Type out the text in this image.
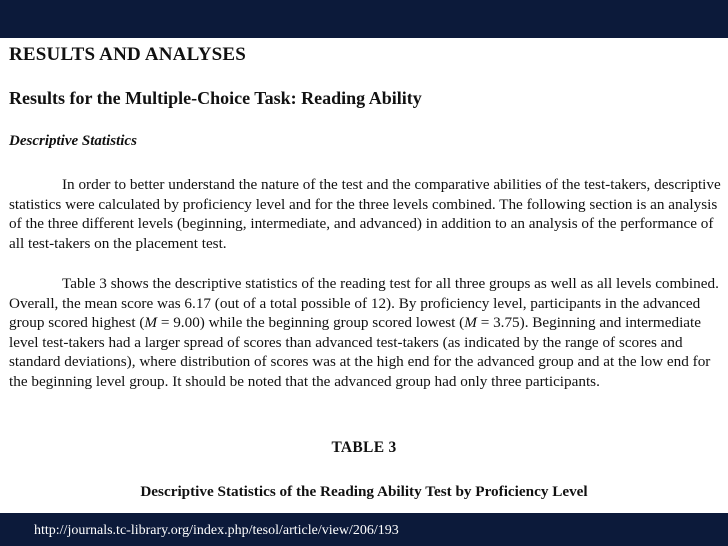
RESULTS AND ANALYSES
Results for the Multiple-Choice Task: Reading Ability
Descriptive Statistics

In order to better understand the nature of the test and the comparative abilities of the test-takers, descriptive statistics were calculated by proficiency level and for the three levels combined. The following section is an analysis of the three different levels (beginning, intermediate, and advanced) in addition to an analysis of the performance of all test-takers on the placement test.

Table 3 shows the descriptive statistics of the reading test for all three groups as well as all levels combined. Overall, the mean score was 6.17 (out of a total possible of 12). By proficiency level, participants in the advanced group scored highest (M = 9.00) while the beginning group scored lowest (M = 3.75). Beginning and intermediate level test-takers had a larger spread of scores than advanced test-takers (as indicated by the range of scores and standard deviations), where distribution of scores was at the high end for the advanced group and at the low end for the beginning level group. It should be noted that the advanced group had only three participants.

TABLE 3
Descriptive Statistics of the Reading Ability Test by Proficiency Level
http://journals.tc-library.org/index.php/tesol/article/view/206/193
